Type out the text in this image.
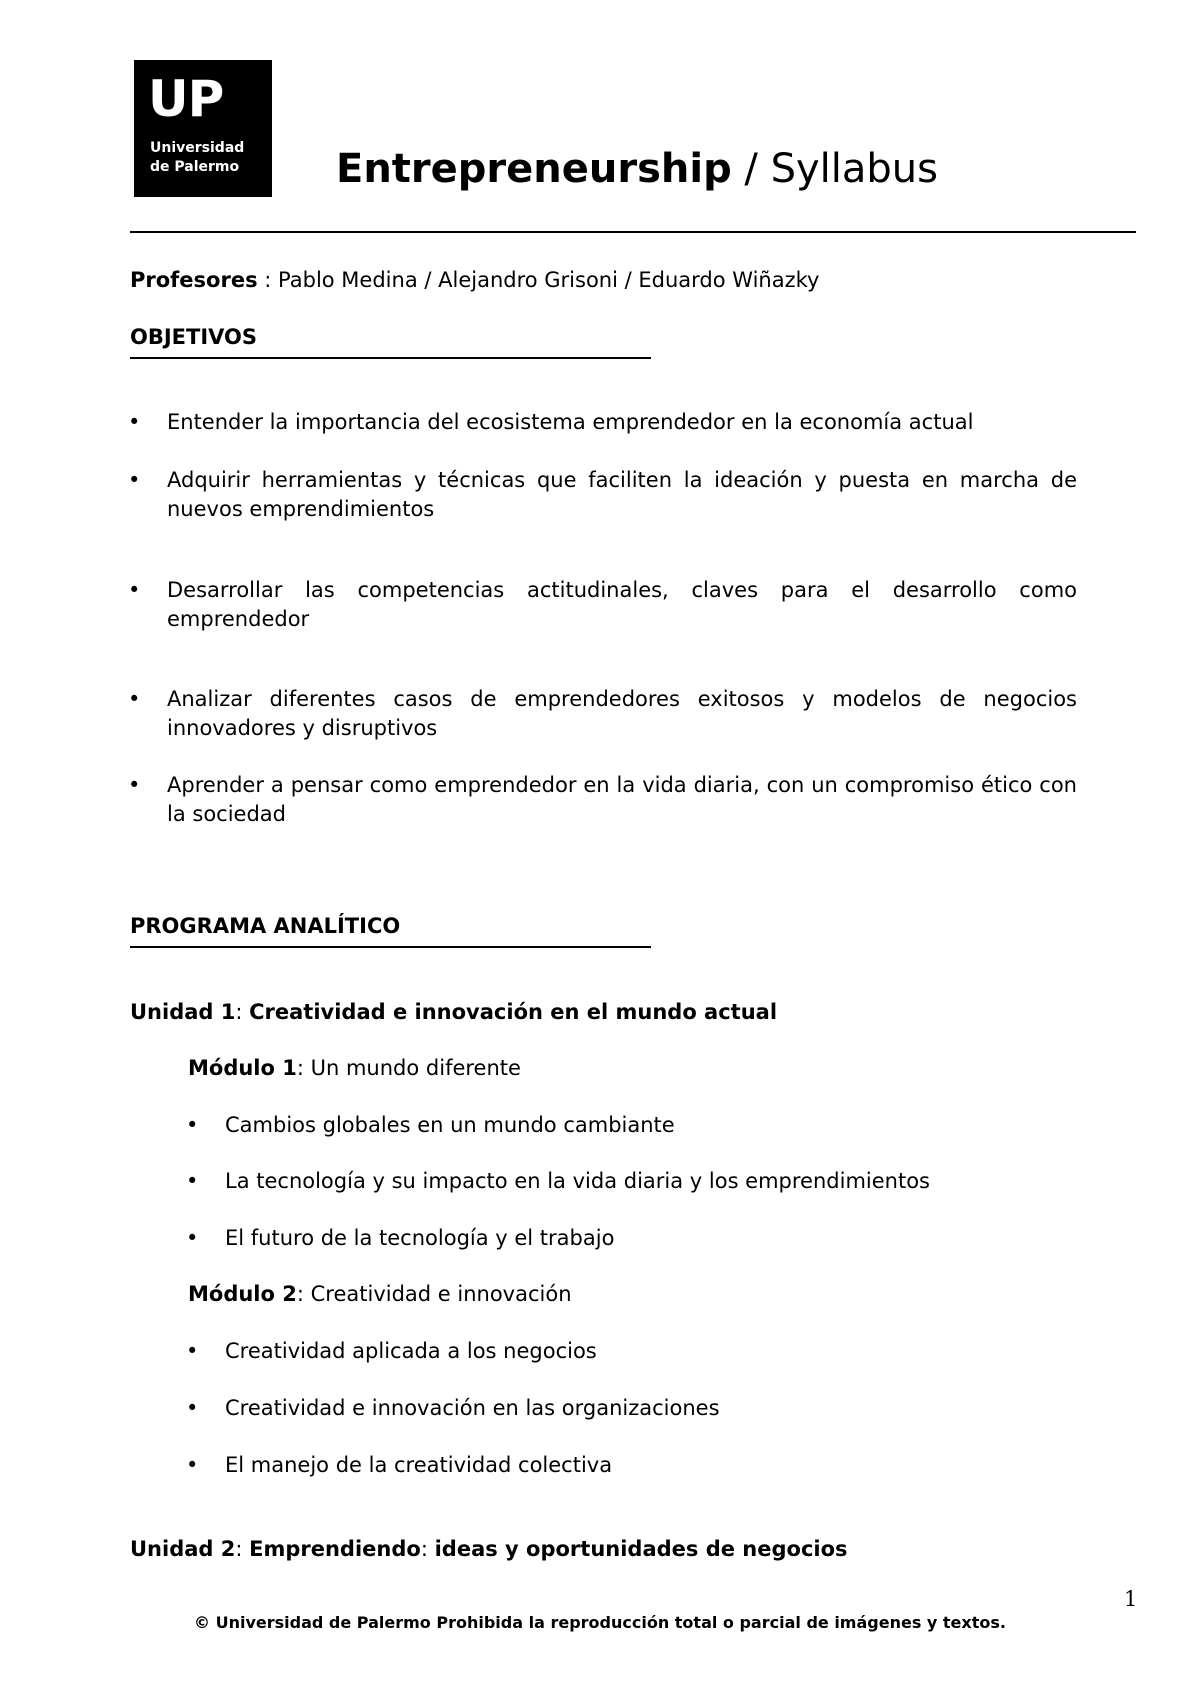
UP
Universidad
de Palermo Entrepreneurship / Syllabus
Profesores : Pablo Medina / Alejandro Grisoni / Eduardo Wiñazky
OBJETIVOS
• Entender la importancia del ecosistema emprendedor en la economía actual
• Adquirir herramientas y técnicas que faciliten la ideación y puesta en marcha de nuevos emprendimientos
• Desarrollar las competencias actitudinales, claves para el desarrollo como emprendedor
• Analizar diferentes casos de emprendedores exitosos y modelos de negocios innovadores y disruptivos
• Aprender a pensar como emprendedor en la vida diaria, con un compromiso ético con la sociedad
PROGRAMA ANALÍTICO
Unidad 1: Creatividad e innovación en el mundo actual
Módulo 1: Un mundo diferente
• Cambios globales en un mundo cambiante
• La tecnología y su impacto en la vida diaria y los emprendimientos
• El futuro de la tecnología y el trabajo
Módulo 2: Creatividad e innovación
• Creatividad aplicada a los negocios
• Creatividad e innovación en las organizaciones
• El manejo de la creatividad colectiva
Unidad 2: Emprendiendo: ideas y oportunidades de negocios
1
© Universidad de Palermo Prohibida la reproducción total o parcial de imágenes y textos.
